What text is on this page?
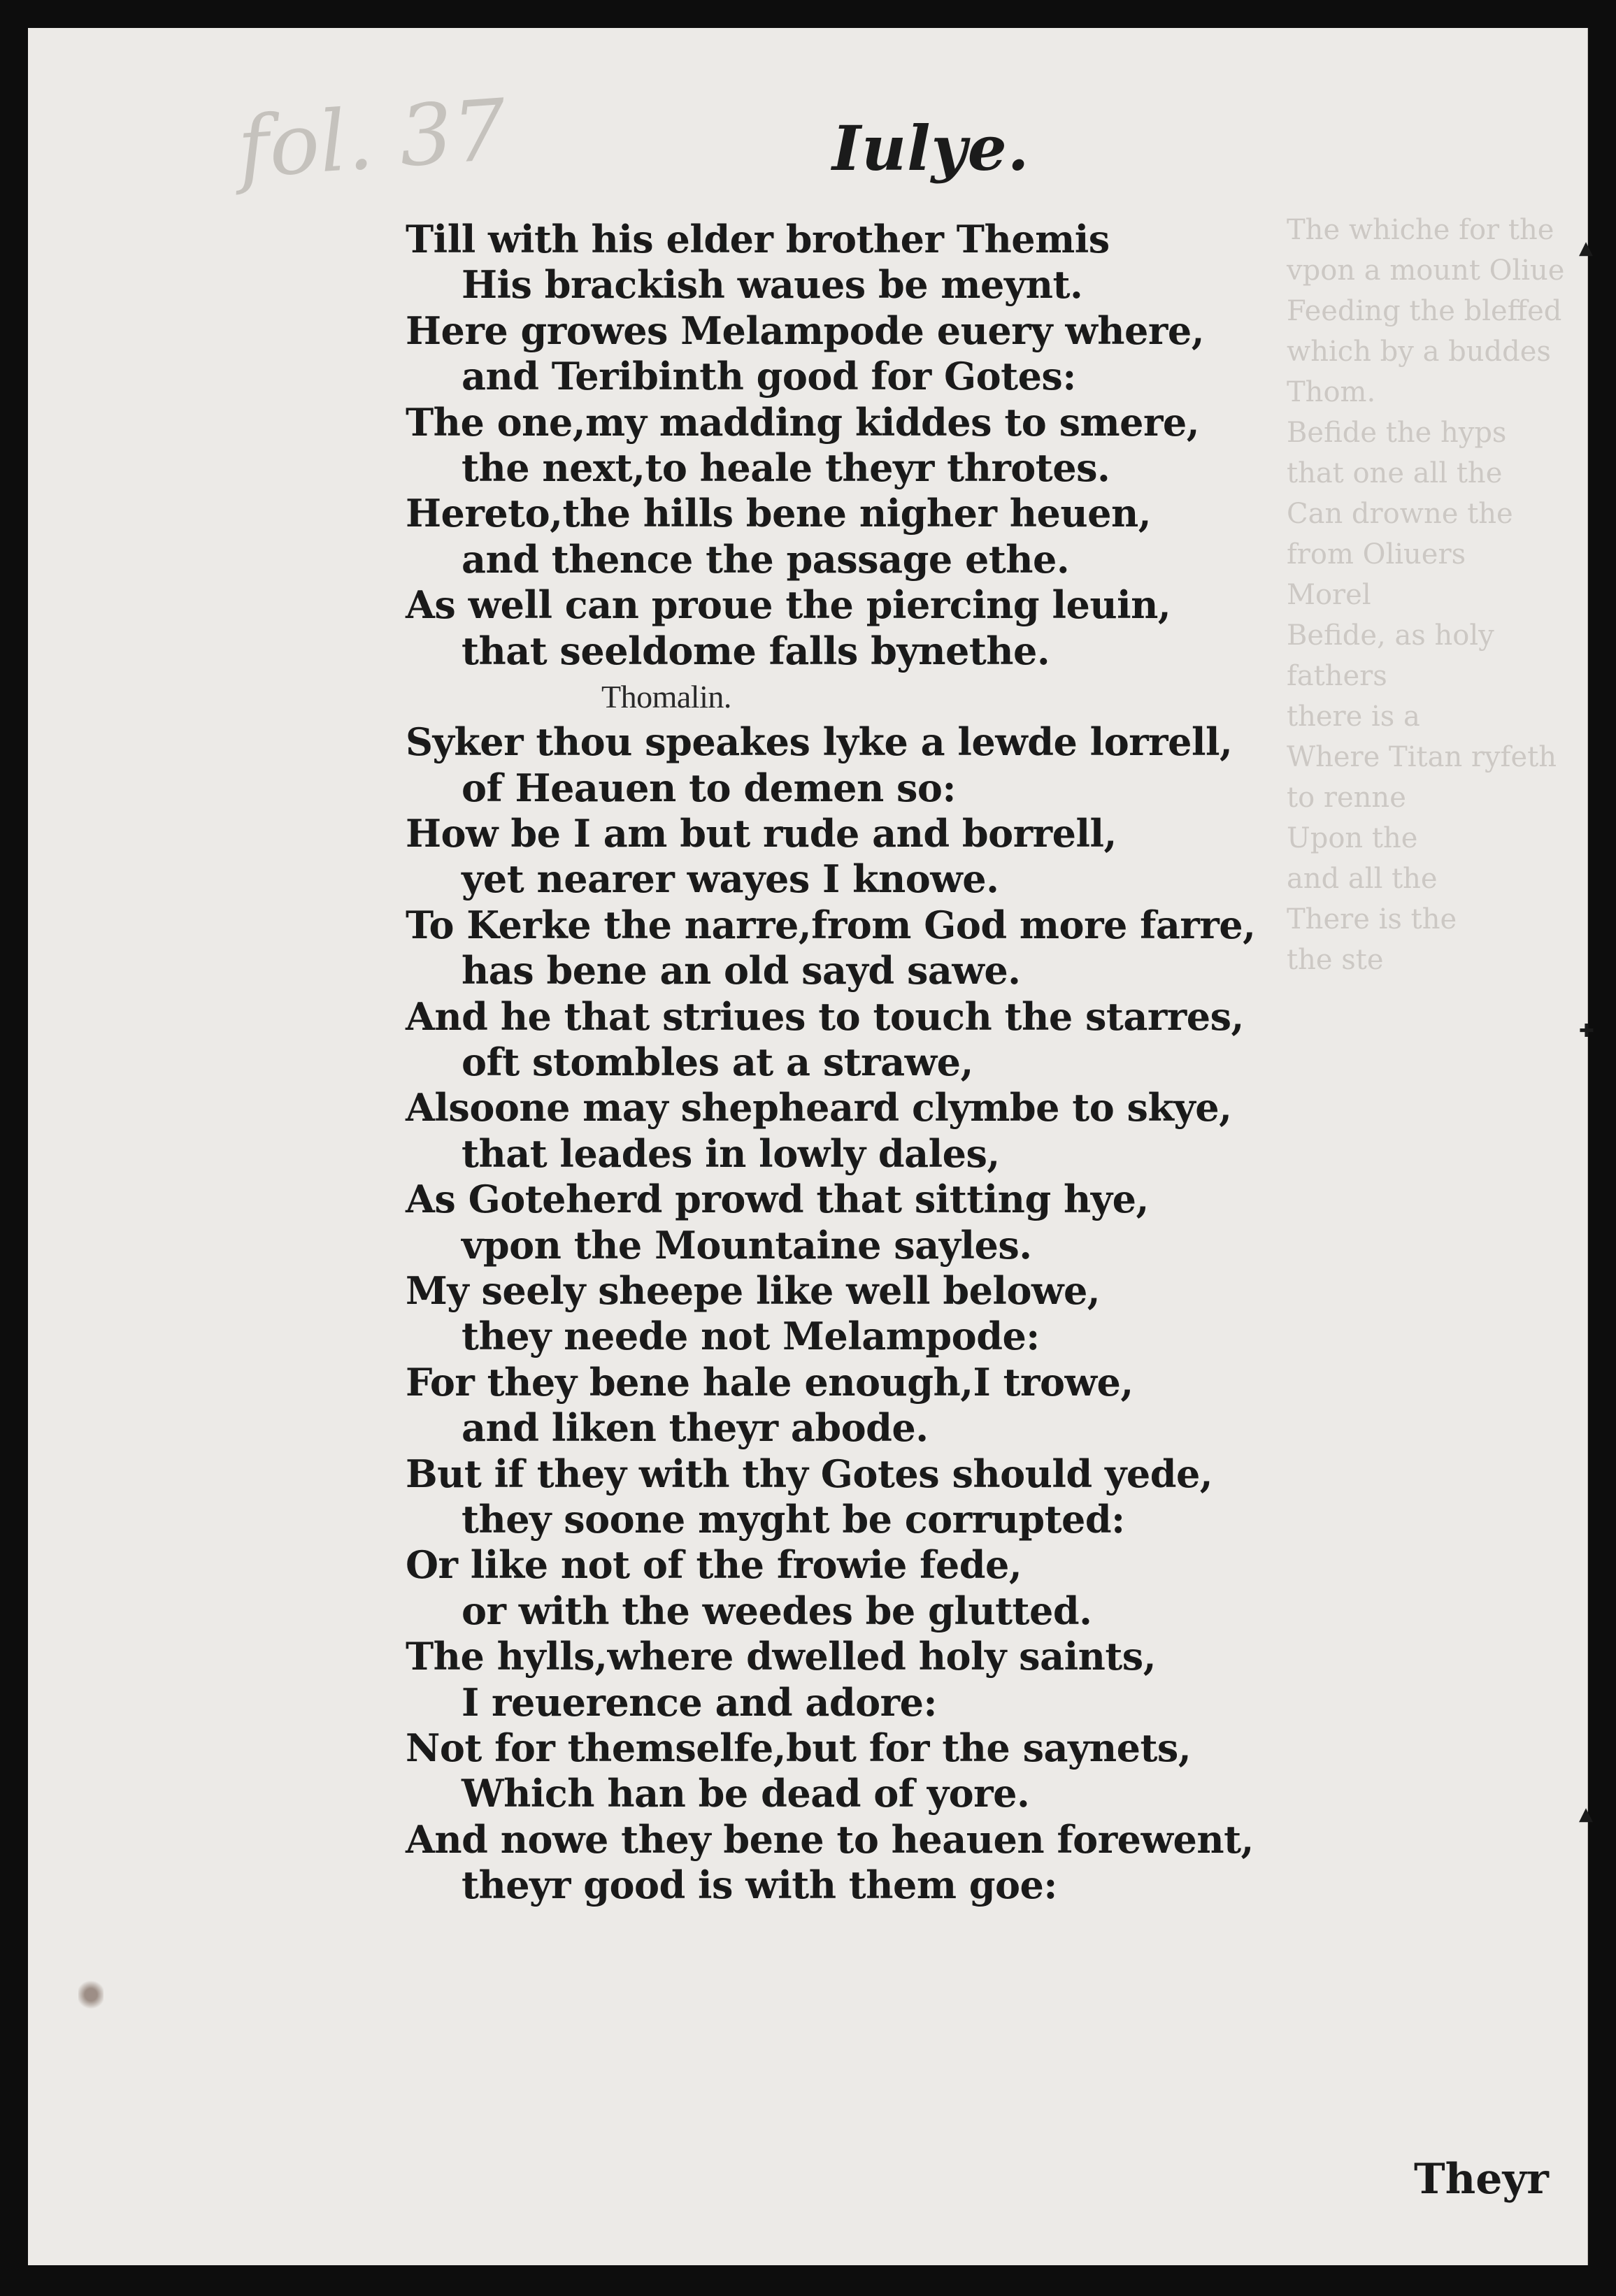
The whiche for the
vpon a mount Oliue
Feeding the bleffed
which by a buddes
Thom.
Befide the hyps
that one all the
Can drowne the
from Oliuers
Morel
Befide, as holy fathers
there is a
Where Titan ryfeth
to renne
Upon the
and all the
There is the
the ste
fol. 37	Iulye.
Till with his elder brother Themis
His brackish waues be meynt.
Here growes Melampode euery where,
and Teribinth good for Gotes:
The one,my madding kiddes to smere,
the next,to heale theyr throtes.
Hereto,the hills bene nigher heuen,
and thence the passage ethe.
As well can proue the piercing leuin,
that seeldome falls bynethe.
Thomalin.
Syker thou speakes lyke a lewde lorrell,
of Heauen to demen so:
How be I am but rude and borrell,
yet nearer wayes I knowe.
To Kerke the narre,from God more farre,
has bene an old sayd sawe.
And he that striues to touch the starres,
oft stombles at a strawe,
Alsoone may shepheard clymbe to skye,
that leades in lowly dales,
As Goteherd prowd that sitting hye,
vpon the Mountaine sayles.
My seely sheepe like well belowe,
they neede not Melampode:
For they bene hale enough,I trowe,
and liken theyr abode.
But if they with thy Gotes should yede,
they soone myght be corrupted:
Or like not of the frowie fede,
or with the weedes be glutted.
The hylls,where dwelled holy saints,
I reuerence and adore:
Not for themselfe,but for the saynets,
Which han be dead of yore.
And nowe they bene to heauen forewent,
theyr good is with them goe:
▲
✚
▲
Theyr
